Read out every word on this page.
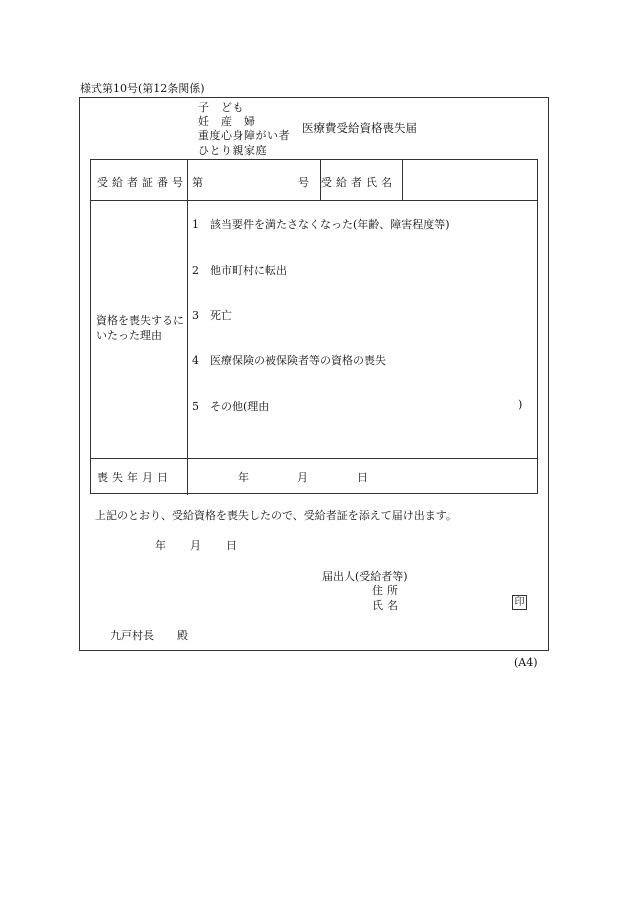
様式第10号(第12条関係)
子　ども
妊　産　婦
重度心身障がい者
ひとり親家庭
医療費受給資格喪失届
受給者証番号 第	号 受給者氏名
資格を喪失するにいたった理由
1　該当要件を満たさなくなった(年齢、障害程度等)
2　他市町村に転出
3　死亡
4　医療保険の被保険者等の資格の喪失
5　その他(理由	)
喪失年月日	年	月	日
上記のとおり、受給資格を喪失したので、受給者証を添えて届け出ます。
年 月 日
届出人(受給者等)
住所
氏名	印
九戸村長 殿
(A4)
